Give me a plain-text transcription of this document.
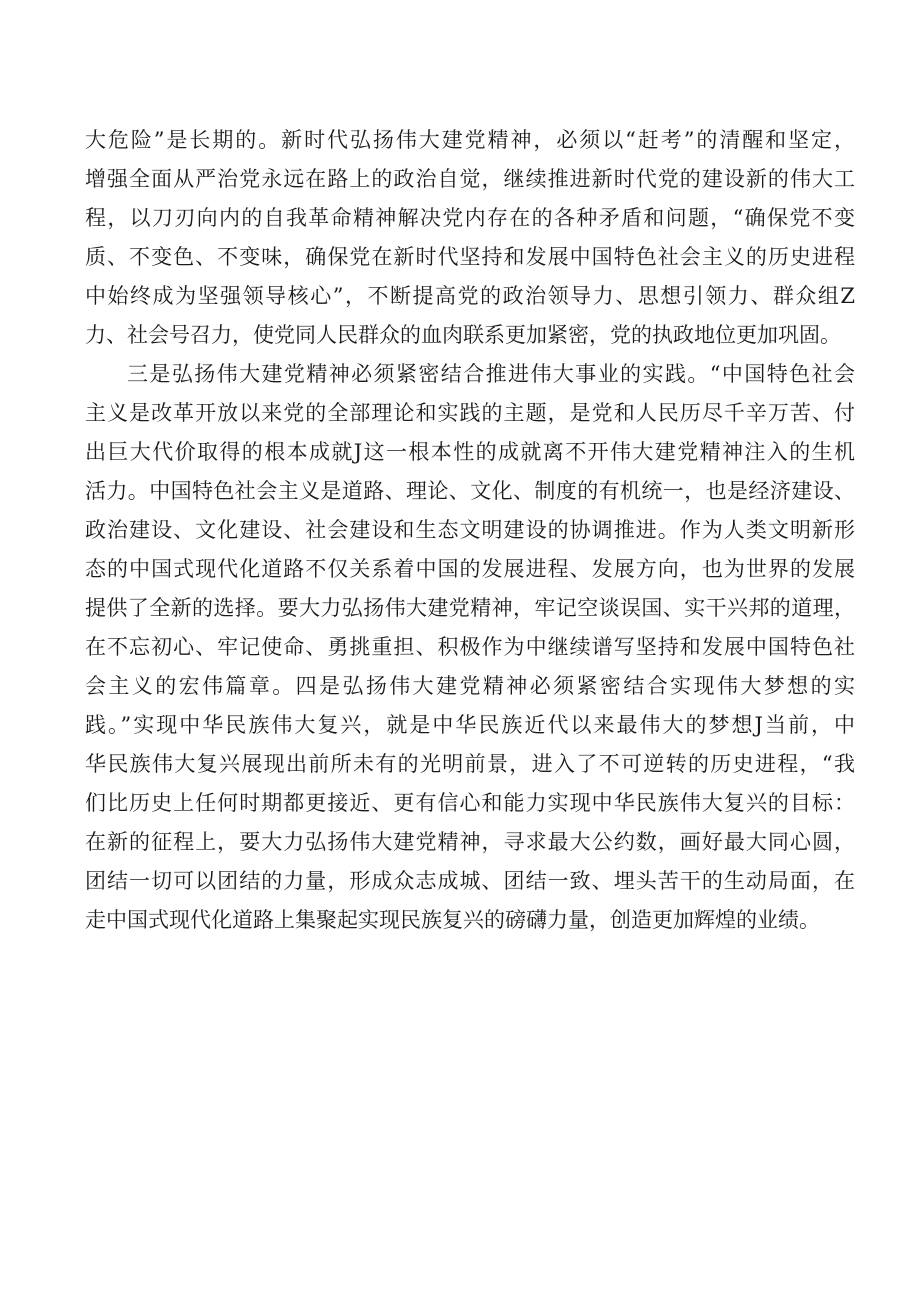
大危险”是长期的。新时代弘扬伟大建党精神，必须以“赶考”的清醒和坚定，
增强全面从严治党永远在路上的政治自觉，继续推进新时代党的建设新的伟大工
程，以刀刃向内的自我革命精神解决党内存在的各种矛盾和问题，“确保党不变
质、不变色、不变味，确保党在新时代坚持和发展中国特色社会主义的历史进程
中始终成为坚强领导核心”，不断提高党的政治领导力、思想引领力、群众组Z
力、社会号召力，使党同人民群众的血肉联系更加紧密，党的执政地位更加巩固。
三是弘扬伟大建党精神必须紧密结合推进伟大事业的实践。“中国特色社会
主义是改革开放以来党的全部理论和实践的主题，是党和人民历尽千辛万苦、付
出巨大代价取得的根本成就J这一根本性的成就离不开伟大建党精神注入的生机
活力。中国特色社会主义是道路、理论、文化、制度的有机统一，也是经济建设、
政治建设、文化建设、社会建设和生态文明建设的协调推进。作为人类文明新形
态的中国式现代化道路不仅关系着中国的发展进程、发展方向，也为世界的发展
提供了全新的选择。要大力弘扬伟大建党精神，牢记空谈误国、实干兴邦的道理，
在不忘初心、牢记使命、勇挑重担、积极作为中继续谱写坚持和发展中国特色社
会主义的宏伟篇章。四是弘扬伟大建党精神必须紧密结合实现伟大梦想的实
践。”实现中华民族伟大复兴，就是中华民族近代以来最伟大的梦想J当前，中
华民族伟大复兴展现出前所未有的光明前景，进入了不可逆转的历史进程，“我
们比历史上任何时期都更接近、更有信心和能力实现中华民族伟大复兴的目标：
在新的征程上，要大力弘扬伟大建党精神，寻求最大公约数，画好最大同心圆，
团结一切可以团结的力量，形成众志成城、团结一致、埋头苦干的生动局面，在
走中国式现代化道路上集聚起实现民族复兴的磅礴力量，创造更加辉煌的业绩。
